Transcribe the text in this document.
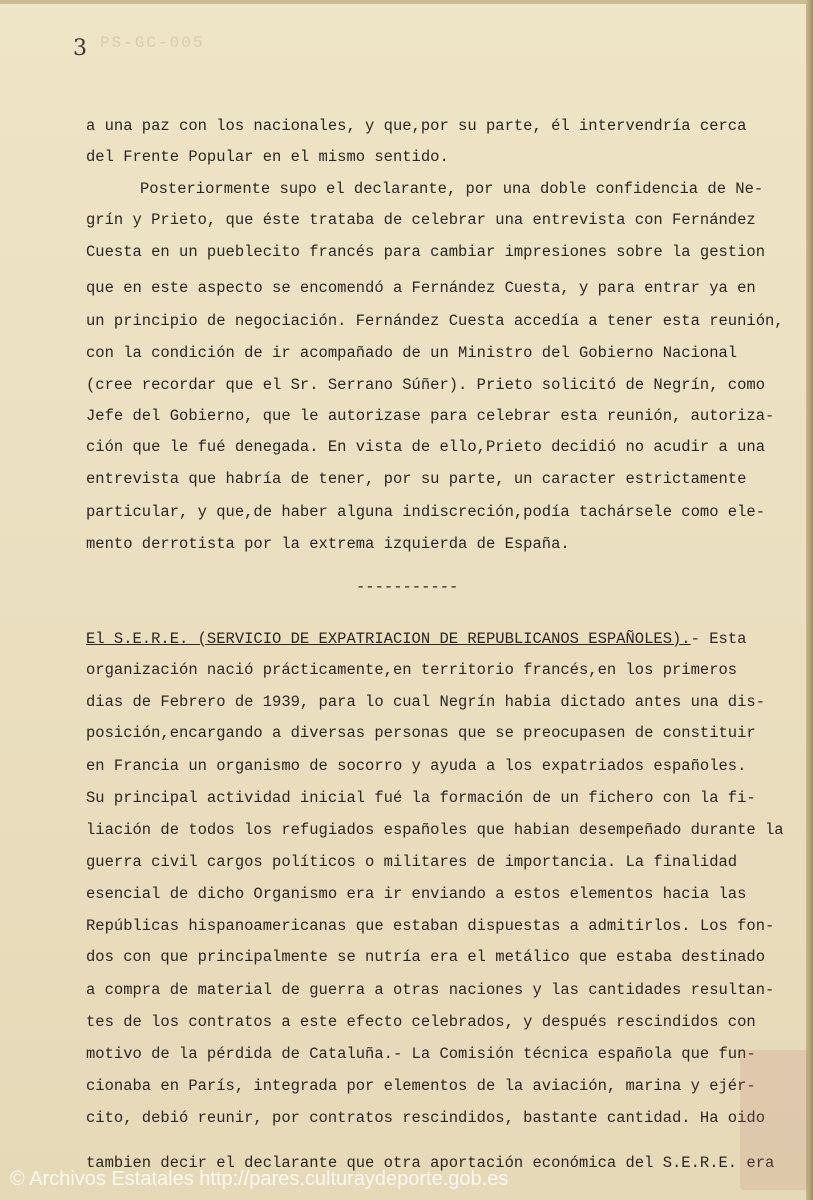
3 PS-GC-005
a una paz con los nacionales, y que,por su parte, él intervendría cerca
del Frente Popular en el mismo sentido.
Posteriormente supo el declarante, por una doble confidencia de Ne-
grín y Prieto, que éste trataba de celebrar una entrevista con Fernández
Cuesta en un pueblecito francés para cambiar impresiones sobre la gestion
que en este aspecto se encomendó a Fernández Cuesta, y para entrar ya en
un principio de negociación. Fernández Cuesta accedía a tener esta reunión,
con la condición de ir acompañado de un Ministro del Gobierno Nacional
(cree recordar que el Sr. Serrano Súñer). Prieto solicitó de Negrín, como
Jefe del Gobierno, que le autorizase para celebrar esta reunión, autoriza-
ción que le fué denegada. En vista de ello,Prieto decidió no acudir a una
entrevista que habría de tener, por su parte, un caracter estrictamente
particular, y que,de haber alguna indiscreción,podía tachársele como ele-
mento derrotista por la extrema izquierda de España.
-----------
El S.E.R.E. (SERVICIO DE EXPATRIACION DE REPUBLICANOS ESPAÑOLES).- Esta
organización nació prácticamente,en territorio francés,en los primeros
dias de Febrero de 1939, para lo cual Negrín habia dictado antes una dis-
posición,encargando a diversas personas que se preocupasen de constituir
en Francia un organismo de socorro y ayuda a los expatriados españoles.
Su principal actividad inicial fué la formación de un fichero con la fi-
liación de todos los refugiados españoles que habian desempeñado durante la
guerra civil cargos políticos o militares de importancia. La finalidad
esencial de dicho Organismo era ir enviando a estos elementos hacia las
Repúblicas hispanoamericanas que estaban dispuestas a admitirlos. Los fon-
dos con que principalmente se nutría era el metálico que estaba destinado
a compra de material de guerra a otras naciones y las cantidades resultan-
tes de los contratos a este efecto celebrados, y después rescindidos con
motivo de la pérdida de Cataluña.- La Comisión técnica española que fun-
cionaba en París, integrada por elementos de la aviación, marina y ejér-
cito, debió reunir, por contratos rescindidos, bastante cantidad. Ha oido
tambien decir el declarante que otra aportación económica del S.E.R.E. era
© Archivos Estatales http://pares.culturaydeporte.gob.es
